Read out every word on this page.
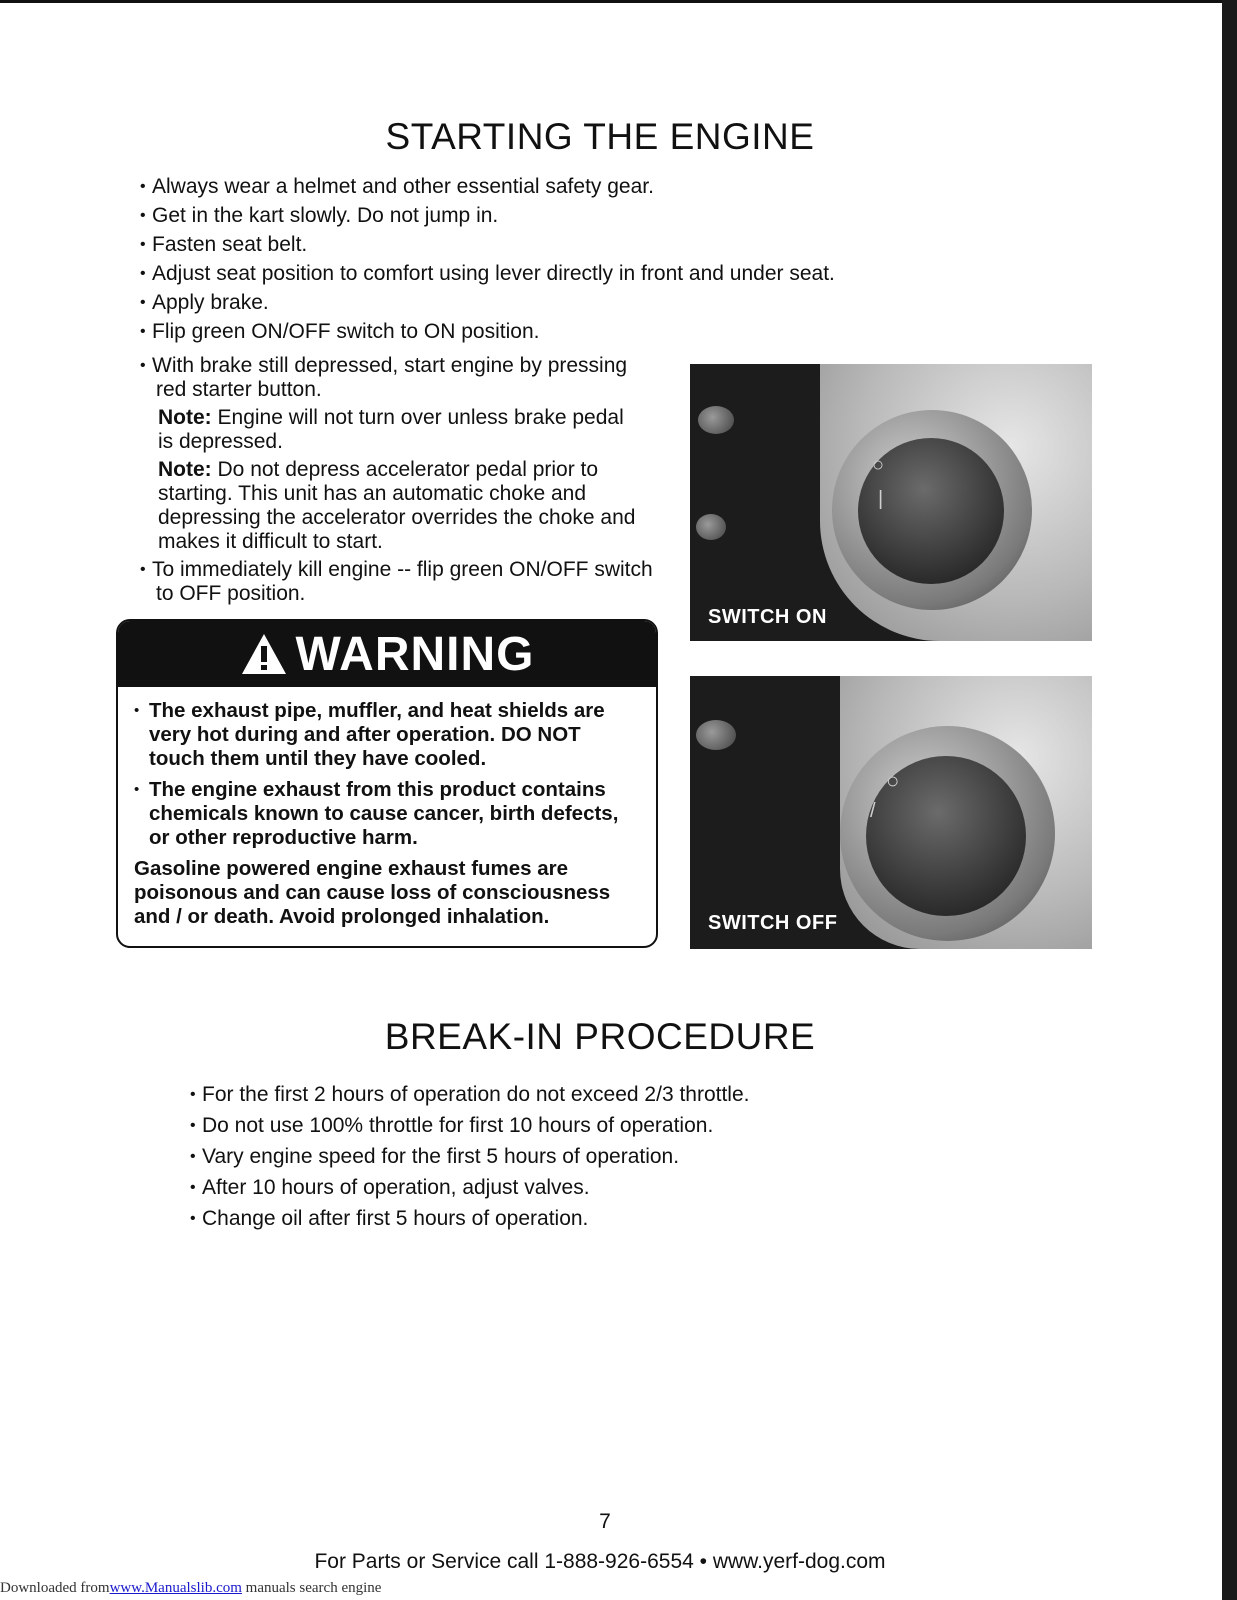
STARTING THE ENGINE
• Always wear a helmet and other essential safety gear.
• Get in the kart slowly. Do not jump in.
• Fasten seat belt.
• Adjust seat position to comfort using lever directly in front and under seat.
• Apply brake.
• Flip green ON/OFF switch to ON position.
• With brake still depressed, start engine by pressing
red starter button.
Note: Engine will not turn over unless brake pedal
is depressed.
Note: Do not depress accelerator pedal prior to
starting. This unit has an automatic choke and
depressing the accelerator overrides the choke and
makes it difficult to start.
• To immediately kill engine -- flip green ON/OFF switch
to OFF position.
WARNING
• The exhaust pipe, muffler, and heat shields are
very hot during and after operation. DO NOT
touch them until they have cooled.
• The engine exhaust from this product contains
chemicals known to cause cancer, birth defects,
or other reproductive harm.
Gasoline powered engine exhaust fumes are
poisonous and can cause loss of consciousness
and / or death. Avoid prolonged inhalation.
○
|
SWITCH ON
○
/
SWITCH OFF
BREAK-IN PROCEDURE
• For the first 2 hours of operation do not exceed 2/3 throttle.
• Do not use 100% throttle for first 10 hours of operation.
• Vary engine speed for the first 5 hours of operation.
• After 10 hours of operation, adjust valves.
• Change oil after first 5 hours of operation.
7
For Parts or Service call 1-888-926-6554 • www.yerf-dog.com
Downloaded fromwww.Manualslib.com manuals search engine
